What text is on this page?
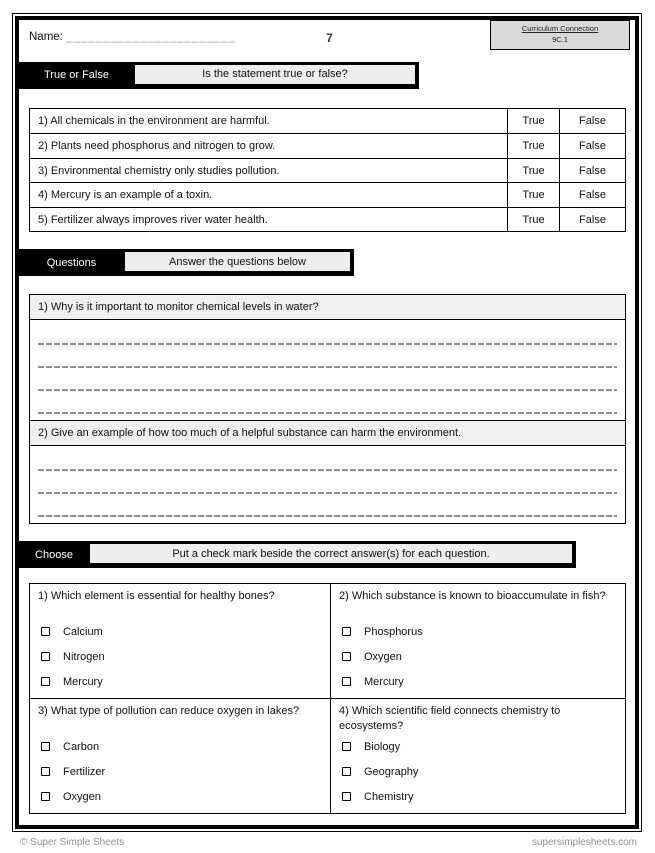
Name: _______________________	7
Curriculum Connection
9C.1
True or False	Is the statement true or false?
1) All chemicals in the environment are harmful.	True	False
2) Plants need phosphorus and nitrogen to grow.	True	False
3) Environmental chemistry only studies pollution.	True	False
4) Mercury is an example of a toxin.	True	False
5) Fertilizer always improves river water health.	True	False
Questions	Answer the questions below
1) Why is it important to monitor chemical levels in water?
2) Give an example of how too much of a helpful substance can harm the environment.
Choose	Put a check mark beside the correct answer(s) for each question.
1) Which element is essential for healthy bones?
Calcium
Nitrogen
Mercury
2) Which substance is known to bioaccumulate in fish?
Phosphorus
Oxygen
Mercury
3) What type of pollution can reduce oxygen in lakes?
Carbon
Fertilizer
Oxygen
4) Which scientific field connects chemistry to ecosystems?
Biology
Geography
Chemistry
© Super Simple Sheets	supersimplesheets.com
